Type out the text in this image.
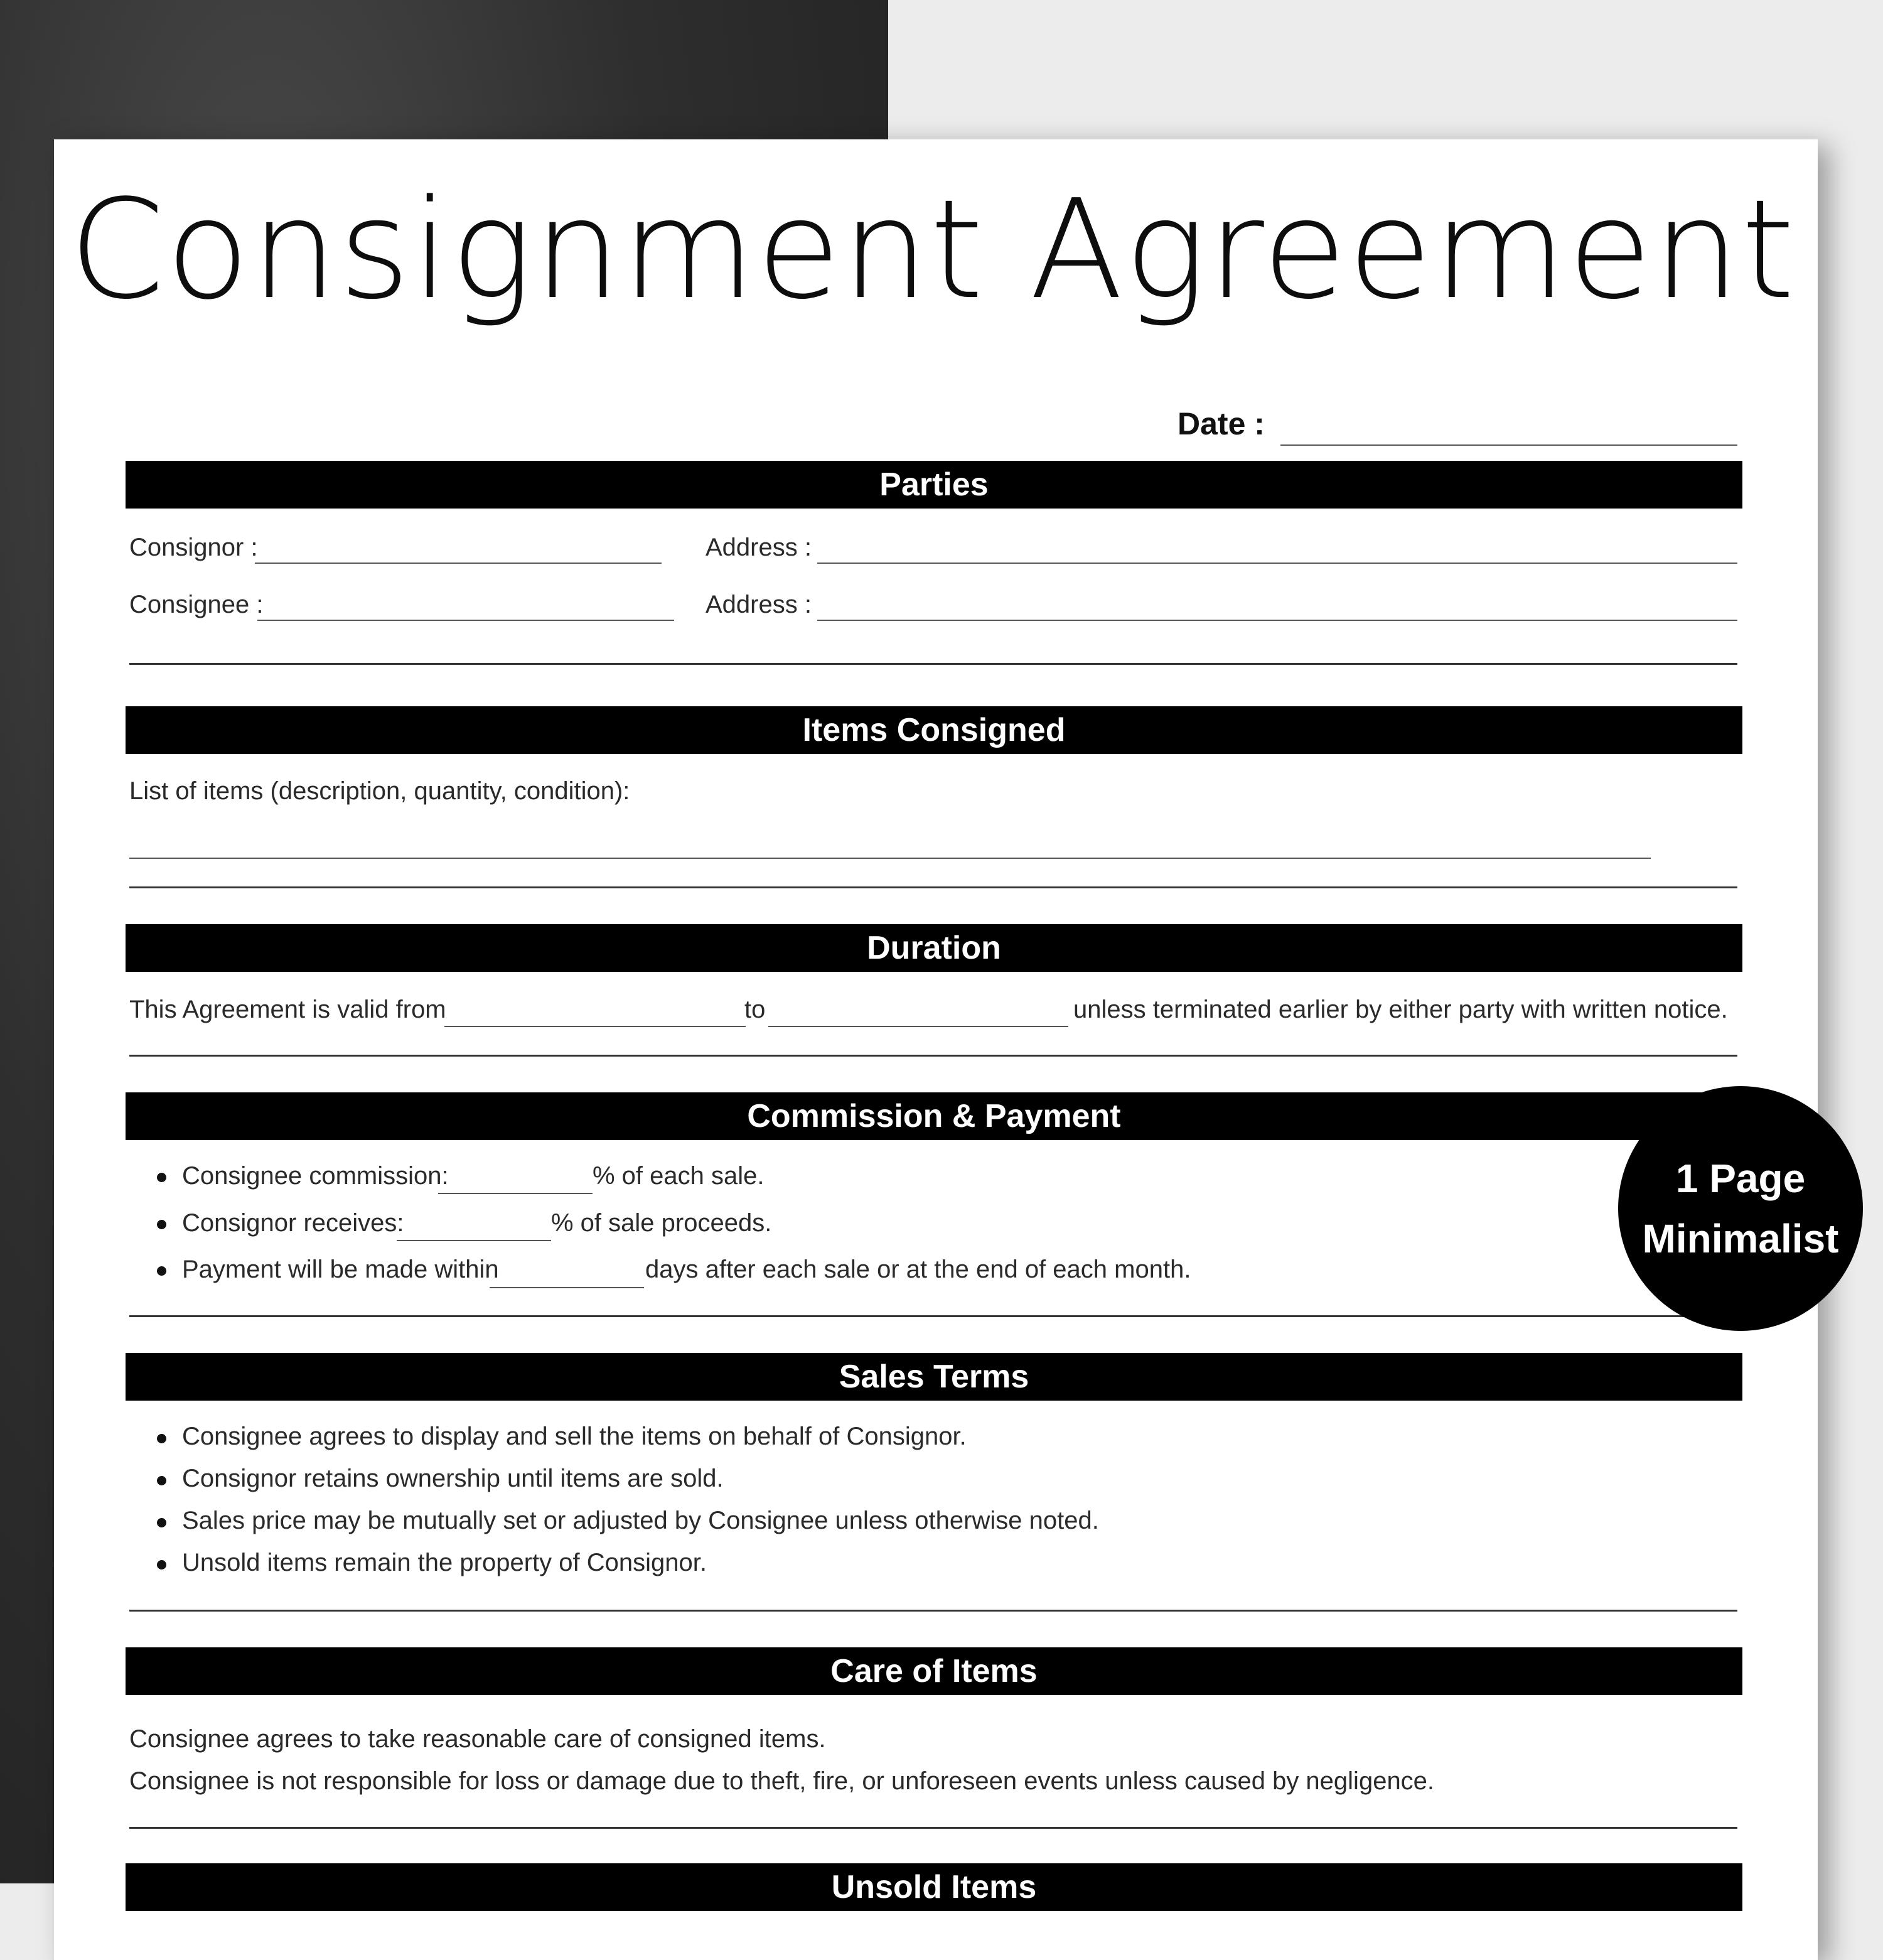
Consignment Agreement
Date :
Parties
Consignor :	Address :
Consignee :	Address :
Items Consigned
List of items (description, quantity, condition):
Duration
This Agreement is valid from	to	unless terminated earlier by either party with written notice.
Commission & Payment
Consignee commission:	% of each sale.
Consignor receives:	% of sale proceeds.
Payment will be made within	days after each sale or at the end of each month.
Sales Terms
Consignee agrees to display and sell the items on behalf of Consignor.
Consignor retains ownership until items are sold.
Sales price may be mutually set or adjusted by Consignee unless otherwise noted.
Unsold items remain the property of Consignor.
Care of Items
Consignee agrees to take reasonable care of consigned items.
Consignee is not responsible for loss or damage due to theft, fire, or unforeseen events unless caused by negligence.
Unsold Items
1 Page
Minimalist
